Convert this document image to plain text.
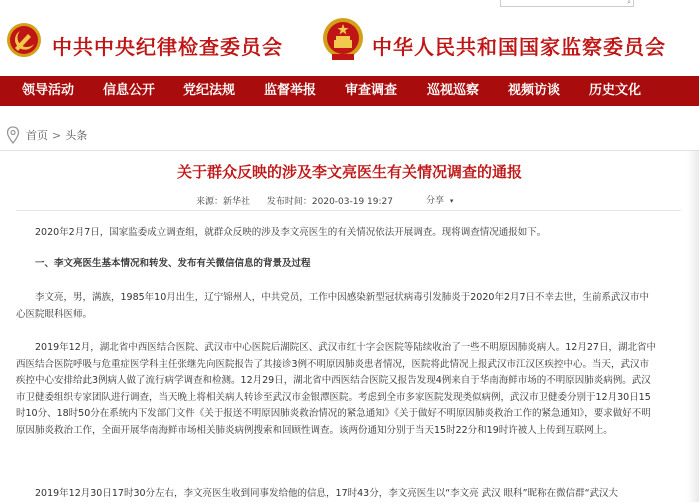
中共中央纪律检查委员会	中华人民共和国国家监察委员会
⌕
领导活动 信息公开 党纪法规 监督举报 审查调查 巡视巡察 视频访谈 历史文化
首页 > 头条
关于群众反映的涉及李文亮医生有关情况调查的通报
来源：新华社 发布时间：2020-03-19 19:27	分享 ▾

2020年2月7日，国家监委成立调查组，就群众反映的涉及李文亮医生的有关情况依法开展调查。现将调查情况通报如下。

一、李文亮医生基本情况和转发、发布有关微信信息的背景及过程

李文亮，男，满族，1985年10月出生，辽宁锦州人，中共党员，工作中因感染新型冠状病毒引发肺炎于2020年2月7日不幸去世，生前系武汉市中心医院眼科医师。

2019年12月，湖北省中西医结合医院、武汉市中心医院后湖院区、武汉市红十字会医院等陆续收治了一些不明原因肺炎病人。12月27日，湖北省中西医结合医院呼吸与危重症医学科主任张继先向医院报告了其接诊3例不明原因肺炎患者情况，医院将此情况上报武汉市江汉区疾控中心。当天，武汉市疾控中心安排给此3例病人做了流行病学调查和检测。12月29日，湖北省中西医结合医院又报告发现4例来自于华南海鲜市场的不明原因肺炎病例。武汉市卫健委组织专家团队进行调查，当天晚上将相关病人转诊至武汉市金银潭医院。考虑到全市多家医院发现类似病例，武汉市卫健委分别于12月30日15时10分、18时50分在系统内下发部门文件《关于报送不明原因肺炎救治情况的紧急通知》《关于做好不明原因肺炎救治工作的紧急通知》，要求做好不明原因肺炎救治工作，全面开展华南海鲜市场相关肺炎病例搜索和回顾性调查。该两份通知分别于当天15时22分和19时许被人上传到互联网上。

2019年12月30日17时30分左右，李文亮医生收到同事发给他的信息，17时43分，李文亮医生以“李文亮 武汉 眼科”昵称在微信群“武汉大
